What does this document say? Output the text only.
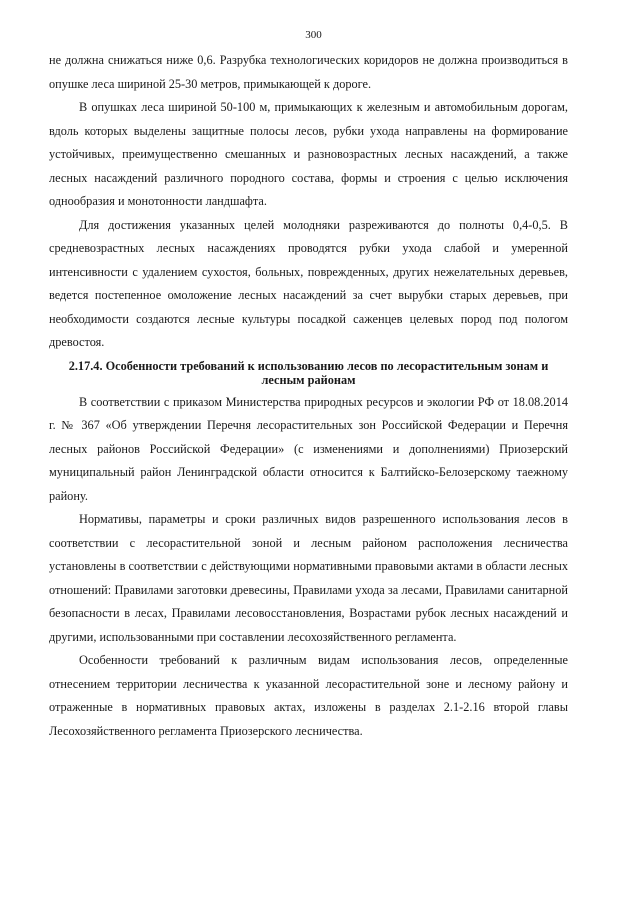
300

не должна снижаться ниже 0,6. Разрубка технологических коридоров не должна производиться в опушке леса шириной 25-30 метров, примыкающей к дороге.

В опушках леса шириной 50-100 м, примыкающих к железным и автомобильным дорогам, вдоль которых выделены защитные полосы лесов, рубки ухода направлены на формирование устойчивых, преимущественно смешанных и разновозрастных лесных насаждений, а также лесных насаждений различного породного состава, формы и строения с целью исключения однообразия и монотонности ландшафта.

Для достижения указанных целей молодняки разреживаются до полноты 0,4-0,5. В средневозрастных лесных насаждениях проводятся рубки ухода слабой и умеренной интенсивности с удалением сухостоя, больных, поврежденных, других нежелательных деревьев, ведется постепенное омоложение лесных насаждений за счет вырубки старых деревьев, при необходимости создаются лесные культуры посадкой саженцев целевых пород под пологом древостоя.

2.17.4. Особенности требований к использованию лесов по лесорастительным зонам и лесным районам

В соответствии с приказом Министерства природных ресурсов и экологии РФ от 18.08.2014 г. № 367 «Об утверждении Перечня лесорастительных зон Российской Федерации и Перечня лесных районов Российской Федерации» (с изменениями и дополнениями) Приозерский муниципальный район Ленинградской области относится к Балтийско-Белозерскому таежному району.

Нормативы, параметры и сроки различных видов разрешенного использования лесов в соответствии с лесорастительной зоной и лесным районом расположения лесничества установлены в соответствии с действующими нормативными правовыми актами в области лесных отношений: Правилами заготовки древесины, Правилами ухода за лесами, Правилами санитарной безопасности в лесах, Правилами лесовосстановления, Возрастами рубок лесных насаждений и другими, использованными при составлении лесохозяйственного регламента.

Особенности требований к различным видам использования лесов, определенные отнесением территории лесничества к указанной лесорастительной зоне и лесному району и отраженные в нормативных правовых актах, изложены в разделах 2.1-2.16 второй главы Лесохозяйственного регламента Приозерского лесничества.
